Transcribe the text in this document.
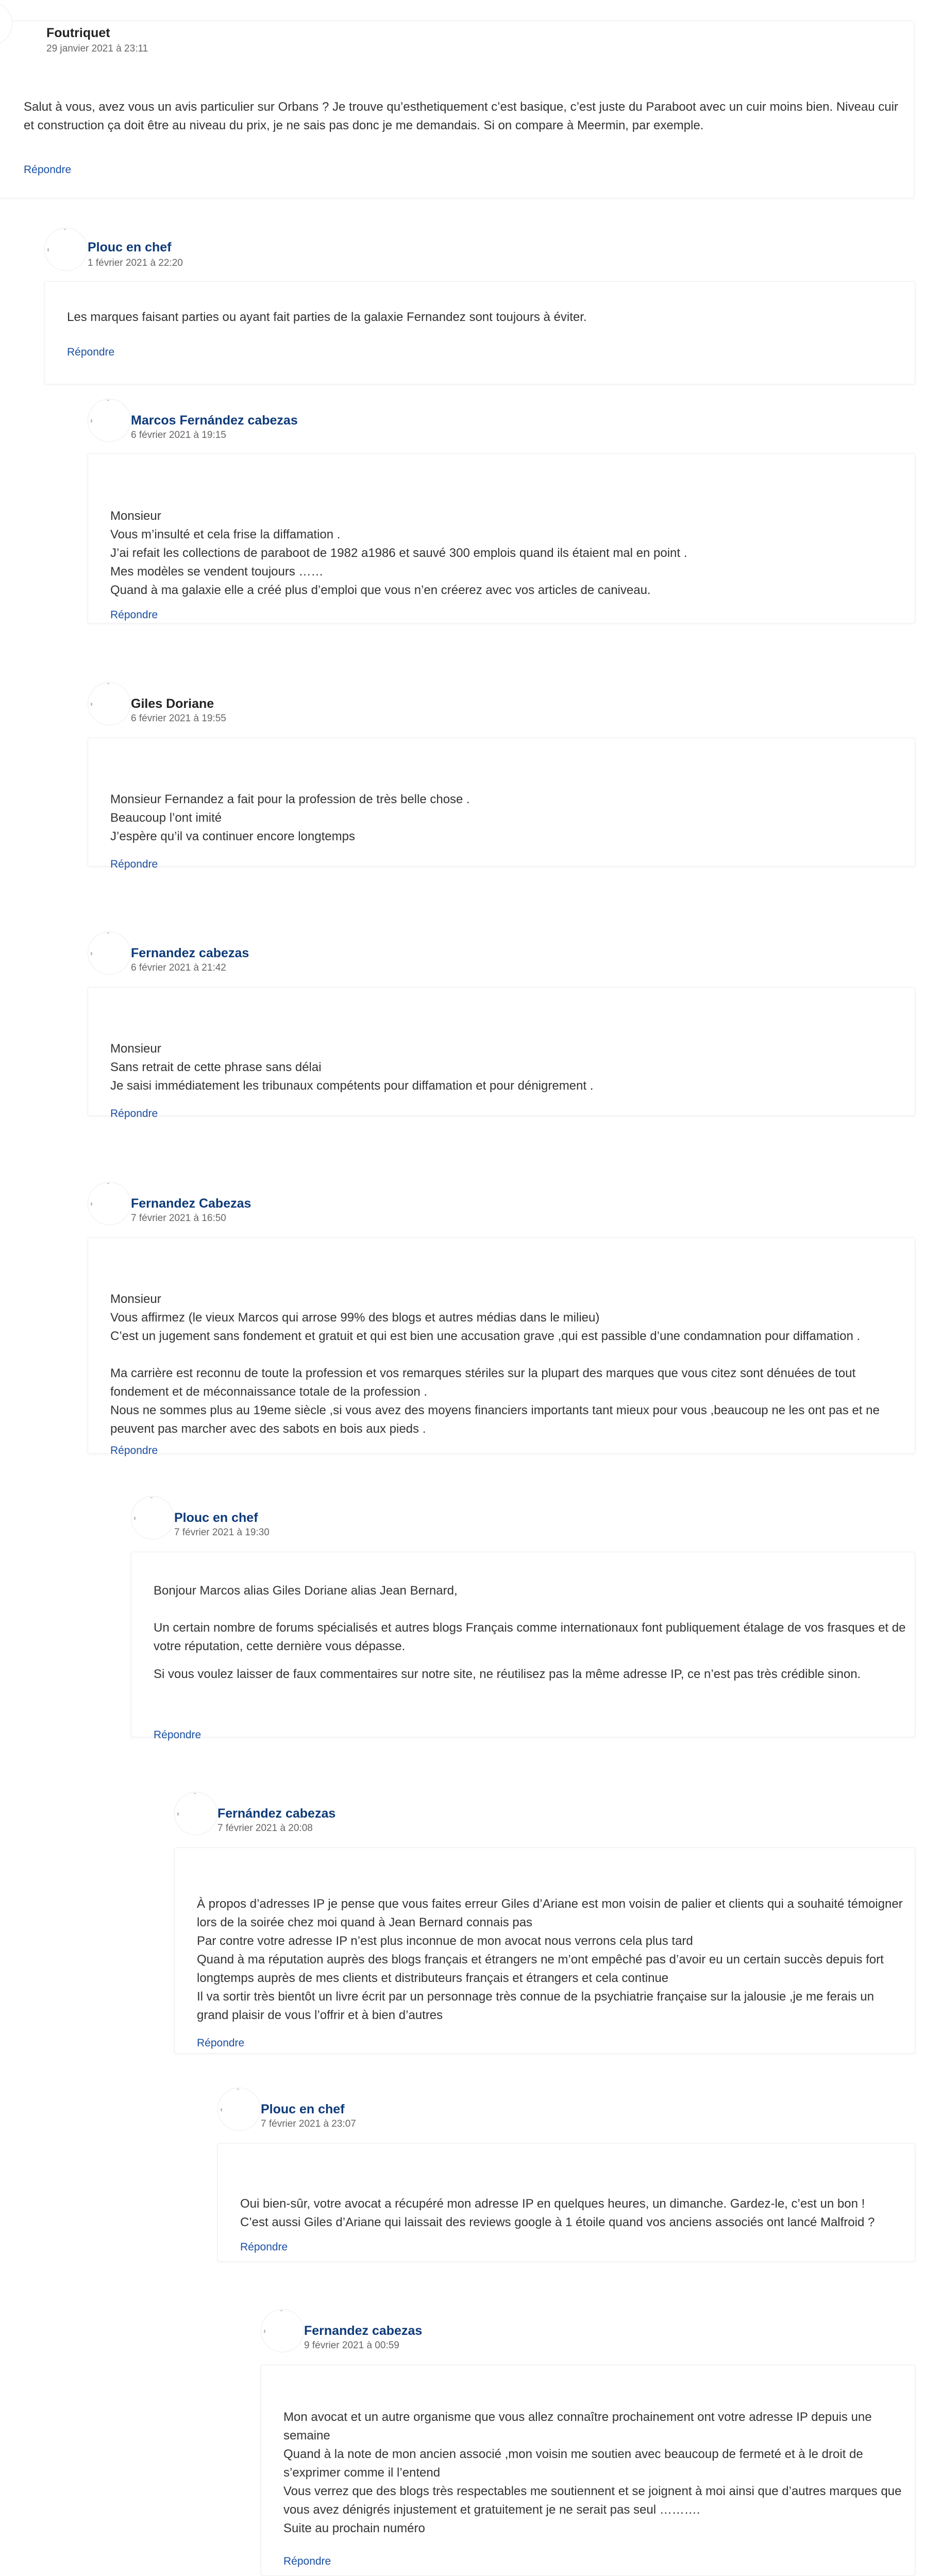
Foutriquet
29 janvier 2021 à 23:11

Salut à vous, avez vous un avis particulier sur Orbans ? Je trouve qu’esthetiquement c’est basique, c’est juste du Paraboot avec un cuir moins bien. Niveau cuir et construction ça doit être au niveau du prix, je ne sais pas donc je me demandais. Si on compare à Meermin, par exemple.

Répondre
Plouc en chef
1 février 2021 à 22:20

Les marques faisant parties ou ayant fait parties de la galaxie Fernandez sont toujours à éviter.

Répondre
Marcos Fernández cabezas
6 février 2021 à 19:15

Monsieur
Vous m’insulté et cela frise la diffamation .
J’ai refait les collections de paraboot de 1982 a1986 et sauvé 300 emplois quand ils étaient mal en point .
Mes modèles se vendent toujours ……
Quand à ma galaxie elle a créé plus d’emploi que vous n’en créerez avec vos articles de caniveau.

Répondre
Giles Doriane
6 février 2021 à 19:55

Monsieur Fernandez a fait pour la profession de très belle chose .
Beaucoup l’ont imité
J’espère qu’il va continuer encore longtemps

Répondre
Fernandez cabezas
6 février 2021 à 21:42

Monsieur
Sans retrait de cette phrase sans délai
Je saisi immédiatement les tribunaux compétents pour diffamation et pour dénigrement .

Répondre
Fernandez Cabezas
7 février 2021 à 16:50

Monsieur
Vous affirmez (le vieux Marcos qui arrose 99% des blogs et autres médias dans le milieu)
C’est un jugement sans fondement et gratuit et qui est bien une accusation grave ,qui est passible d’une condamnation pour diffamation .

Ma carrière est reconnu de toute la profession et vos remarques stériles sur la plupart des marques que vous citez sont dénuées de tout fondement et de méconnaissance totale de la profession .
Nous ne sommes plus au 19eme siècle ,si vous avez des moyens financiers importants tant mieux pour vous ,beaucoup ne les ont pas et ne peuvent pas marcher avec des sabots en bois aux pieds .

Répondre
Plouc en chef
7 février 2021 à 19:30

Bonjour Marcos alias Giles Doriane alias Jean Bernard,

Un certain nombre de forums spécialisés et autres blogs Français comme internationaux font publiquement étalage de vos frasques et de votre réputation, cette dernière vous dépasse.

Si vous voulez laisser de faux commentaires sur notre site, ne réutilisez pas la même adresse IP, ce n’est pas très crédible sinon.

Répondre
Fernández cabezas
7 février 2021 à 20:08

À propos d’adresses IP je pense que vous faites erreur Giles d’Ariane est mon voisin de palier et clients qui a souhaité témoigner lors de la soirée chez moi quand à Jean Bernard connais pas
Par contre votre adresse IP n’est plus inconnue de mon avocat nous verrons cela plus tard
Quand à ma réputation auprès des blogs français et étrangers ne m’ont empêché pas d’avoir eu un certain succès depuis fort longtemps auprès de mes clients et distributeurs français et étrangers et cela continue
Il va sortir très bientôt un livre écrit par un personnage très connue de la psychiatrie française sur la jalousie ,je me ferais un grand plaisir de vous l’offrir et à bien d’autres

Répondre
Plouc en chef
7 février 2021 à 23:07

Oui bien-sûr, votre avocat a récupéré mon adresse IP en quelques heures, un dimanche. Gardez-le, c’est un bon !
C’est aussi Giles d’Ariane qui laissait des reviews google à 1 étoile quand vos anciens associés ont lancé Malfroid ?

Répondre
Fernandez cabezas
9 février 2021 à 00:59

Mon avocat et un autre organisme que vous allez connaître prochainement ont votre adresse IP depuis une semaine
Quand à la note de mon ancien associé ,mon voisin me soutien avec beaucoup de fermeté et à le droit de s’exprimer comme il l’entend
Vous verrez que des blogs très respectables me soutiennent et se joignent à moi ainsi que d’autres marques que vous avez dénigrés injustement et gratuitement je ne serait pas seul ……….
Suite au prochain numéro

Répondre
